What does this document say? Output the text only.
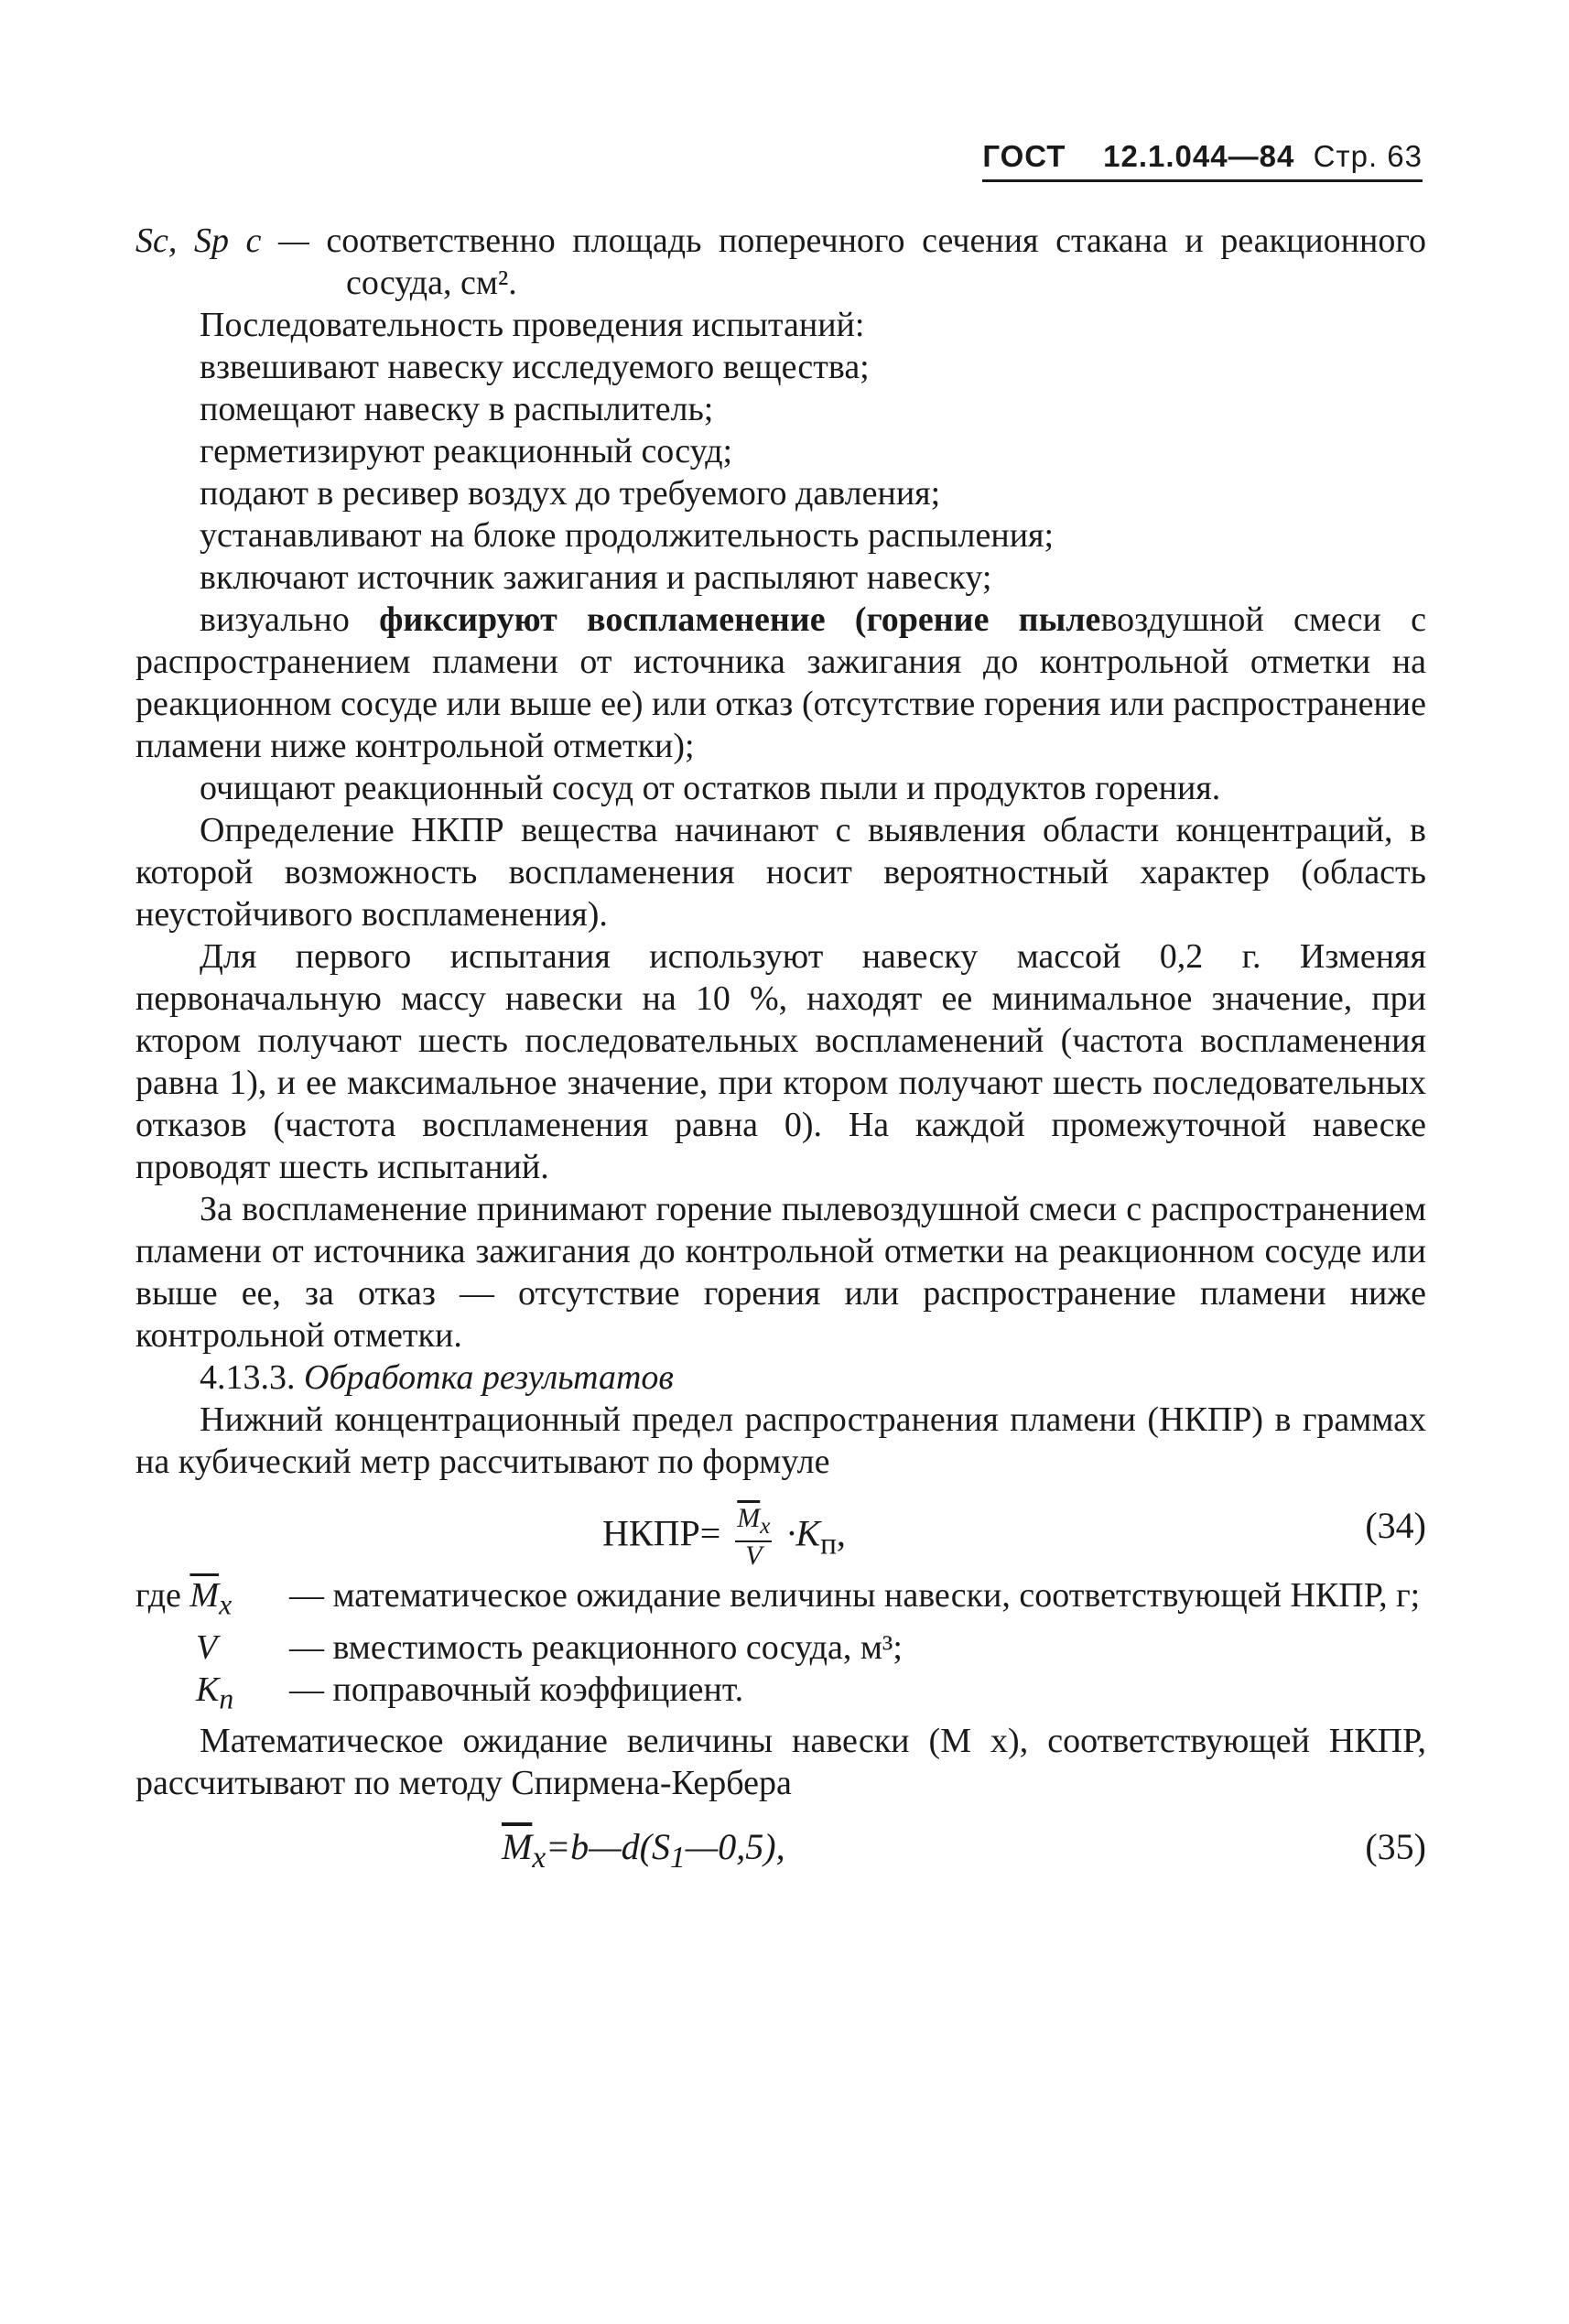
ГОСТ 12.1.044—84 Стр. 63

Sс, Sр с — соответственно площадь поперечного сечения стакана и реакционного сосуда, см².

Последовательность проведения испытаний:

взвешивают навеску исследуемого вещества;

помещают навеску в распылитель;

герметизируют реакционный сосуд;

подают в ресивер воздух до требуемого давления;

устанавливают на блоке продолжительность распыления;

включают источник зажигания и распыляют навеску;

визуально фиксируют воспламенение (горение пылевоздушной смеси с распространением пламени от источника зажигания до контрольной отметки на реакционном сосуде или выше ее) или отказ (отсутствие горения или распространение пламени ниже контрольной отметки);

очищают реакционный сосуд от остатков пыли и продуктов горения.

Определение НКПР вещества начинают с выявления области концентраций, в которой возможность воспламенения носит вероятностный характер (область неустойчивого воспламенения).

Для первого испытания используют навеску массой 0,2 г. Изменяя первоначальную массу навески на 10 %, находят ее минимальное значение, при кторoм получают шесть последовательных воспламенений (частота воспламенения равна 1), и ее максимальное значение, при кторoм получают шесть последовательных отказов (частота воспламенения равна 0). На каждой промежуточной навеске проводят шесть испытаний.

За воспламенение принимают горение пылевоздушной смеси с распространением пламени от источника зажигания до контрольной отметки на реакционном сосуде или выше ее, за отказ — отсутствие горения или распространение пламени ниже контрольной отметки.

4.13.3. Обработка результатов

Нижний концентрационный предел распространения пламени (НКПР) в граммах на кубический метр рассчитывают по формуле

НКПР= $\frac{\overline{M}_x}{V} \cdot K_п$,	(34)
где $\overline{M}_x$	— математическое ожидание величины навески, соответствующей НКПР, г;
V	— вместимость реакционного сосуда, м³;
$K_п$	— поправочный коэффициент.

Математическое ожидание величины навески (M x), соответствующей НКПР, рассчитывают по методу Спирмена-Кербера

$\overline{M}_x=b—d(S_1—0,5)$,	(35)
